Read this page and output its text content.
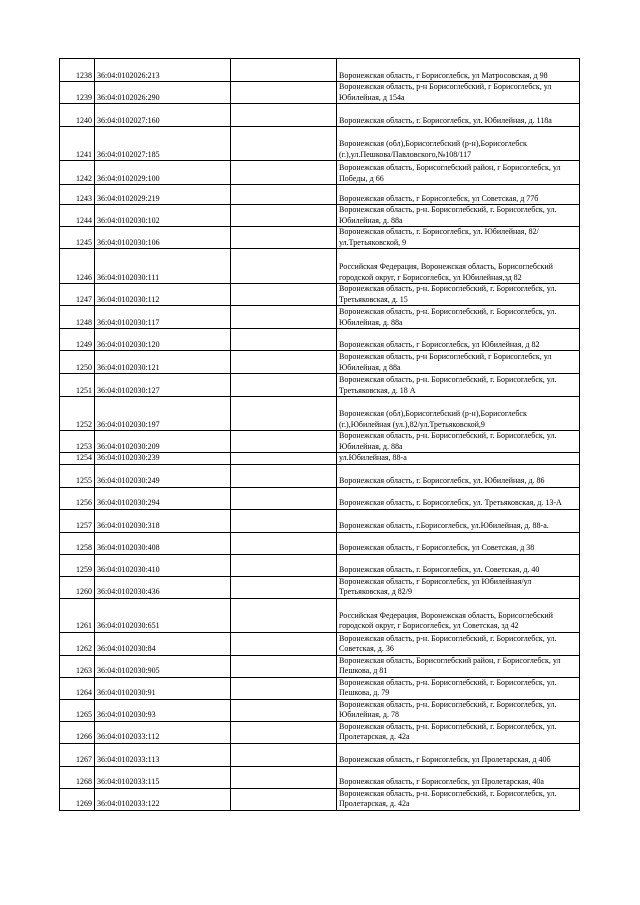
1238	36:04:0102026:213		Воронежская область, г Борисоглебск, ул Матросовская, д 98
1239	36:04:0102026:290		Воронежская область, р-н Борисоглебский, г Борисоглебск, ул Юбилейная, д 154а
1240	36:04:0102027:160		Воронежская область, г. Борисоглебск, ул. Юбилейная, д. 118а
1241	36:04:0102027:185		Воронежская (обл),Борисоглебский (р-н),Борисоглебск (г.),ул.Пешкова/Павловского,№108/117
1242	36:04:0102029:100		Воронежская область, Борисоглебский район, г Борисоглебск, ул Победы, д 66
1243	36:04:0102029:219		Воронежская область, г Борисоглебск, ул Советская, д 77б
1244	36:04:0102030:102		Воронежская область, р-н. Борисоглебский, г. Борисоглебск, ул. Юбилейная, д. 88а
1245	36:04:0102030:106		Воронежская область, г. Борисоглебск, ул. Юбилейная, 82/ул.Третьяковской, 9
1246	36:04:0102030:111		Российская Федерация, Воронежская область, Борисоглебский городской округ, г Борисоглебск, ул Юбилейная,зд 82
1247	36:04:0102030:112		Воронежская область, р-н. Борисоглебский, г. Борисоглебск, ул. Третьяковская, д. 15
1248	36:04:0102030:117		Воронежская область, р-н. Борисоглебский, г. Борисоглебск, ул. Юбилейная, д. 88а
1249	36:04:0102030:120		Воронежская область, г Борисоглебск, ул Юбилейная, д 82
1250	36:04:0102030:121		Воронежская область, р-н Борисоглебский, г Борисоглебск, ул Юбилейная, д 88а
1251	36:04:0102030:127		Воронежская область, р-н. Борисоглебский, г. Борисоглебск, ул. Третьяковская, д. 18 А
1252	36:04:0102030:197		Воронежская (обл),Борисоглебский (р-н),Борисоглебск (г.),Юбилейная (ул.),82/ул.Третьяковской,9
1253	36:04:0102030:209		Воронежская область, р-н. Борисоглебский, г. Борисоглебск, ул. Юбилейная, д. 88а
1254	36:04:0102030:239		ул.Юбилейная, 88-а
1255	36:04:0102030:249		Воронежская область, г. Борисоглебск, ул. Юбилейная, д. 86
1256	36:04:0102030:294		Воронежская область, г. Борисоглебск, ул. Третьяковская, д. 13-А
1257	36:04:0102030:318		Воронежская область, г.Борисоглебск, ул.Юбилейная, д. 88-а.
1258	36:04:0102030:408		Воронежская область, г Борисоглебск, ул Советская, д 38
1259	36:04:0102030:410		Воронежская область, г. Борисоглебск, ул. Советская, д. 40
1260	36:04:0102030:436		Воронежская область, г Борисоглебск, ул Юбилейная/ул Третьяковская, д 82/9
1261	36:04:0102030:651		Российская Федерация, Воронежская область, Борисоглебский городской округ, г Борисоглебск, ул Советская, зд 42
1262	36:04:0102030:84		Воронежская область, р-н. Борисоглебский, г. Борисоглебск, ул. Советская, д. 36
1263	36:04:0102030:905		Воронежская область, Борисоглебский район, г Борисоглебск, ул Пешкова, д 81
1264	36:04:0102030:91		Воронежская область, р-н. Борисоглебский, г. Борисоглебск, ул. Пешкова, д. 79
1265	36:04:0102030:93		Воронежская область, р-н. Борисоглебский, г. Борисоглебск, ул. Юбилейная, д. 78
1266	36:04:0102033:112		Воронежская область, р-н. Борисоглебский, г. Борисоглебск, ул. Пролетарская, д. 42а
1267	36:04:0102033:113		Воронежская область, г Борисоглебск, ул Пролетарская, д 40б
1268	36:04:0102033:115		Воронежская область, г Борисоглебск, ул Пролетарская, 40а
1269	36:04:0102033:122		Воронежская область, р-н. Борисоглебский, г. Борисоглебск, ул. Пролетарская, д. 42а
